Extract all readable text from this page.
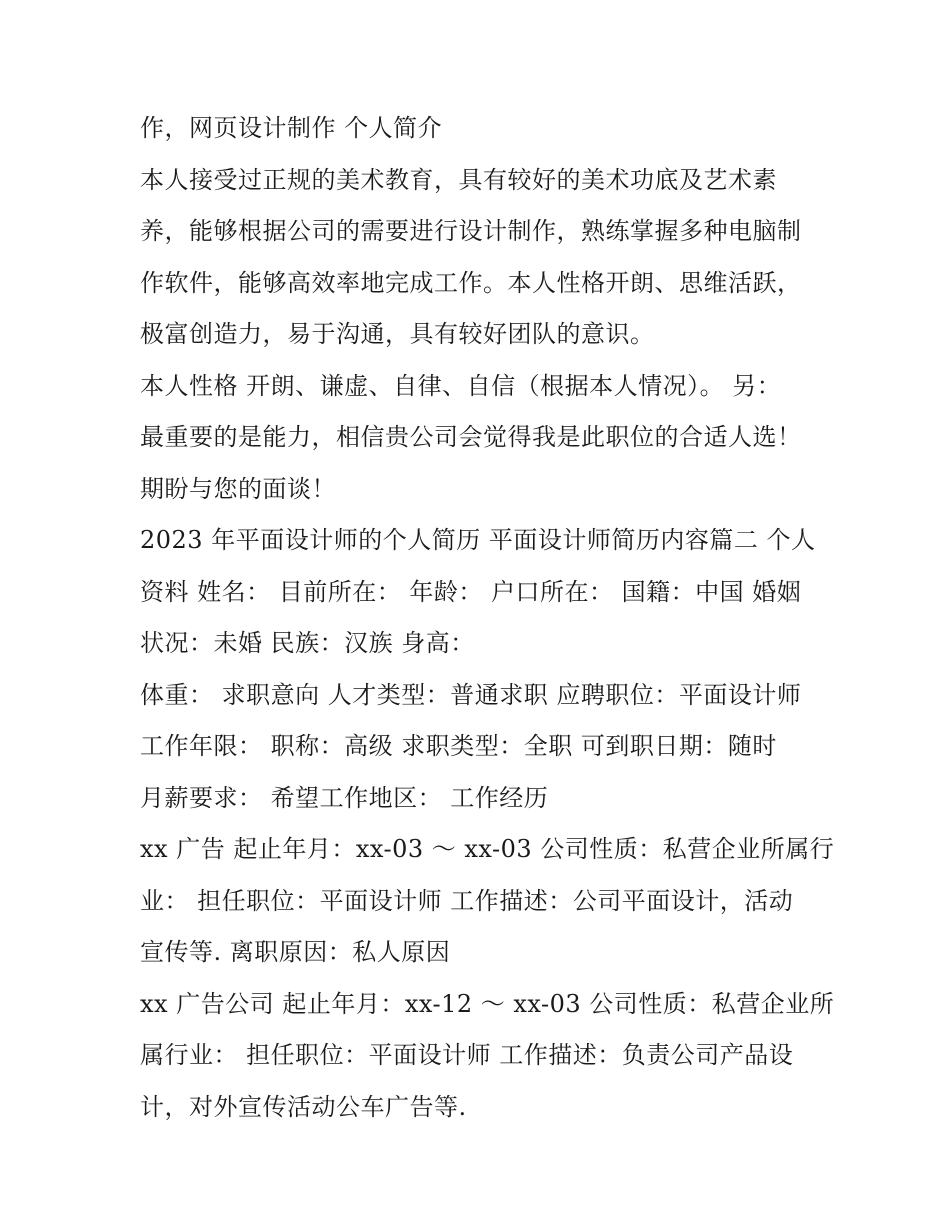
作，网页设计制作 个人简介
本人接受过正规的美术教育，具有较好的美术功底及艺术素
养，能够根据公司的需要进行设计制作，熟练掌握多种电脑制
作软件，能够高效率地完成工作。本人性格开朗、思维活跃，
极富创造力，易于沟通，具有较好团队的意识。
本人性格 开朗、谦虚、自律、自信（根据本人情况）。 另：
最重要的是能力，相信贵公司会觉得我是此职位的合适人选！
期盼与您的面谈！
2023 年平面设计师的个人简历 平面设计师简历内容篇二 个人
资料 姓名： 目前所在： 年龄： 户口所在： 国籍：中国 婚姻
状况：未婚 民族：汉族 身高：
体重： 求职意向 人才类型：普通求职 应聘职位：平面设计师
工作年限： 职称：高级 求职类型：全职 可到职日期：随时
月薪要求： 希望工作地区： 工作经历
xx 广告 起止年月：xx-03 ～ xx-03 公司性质：私营企业所属行
业： 担任职位：平面设计师 工作描述：公司平面设计，活动
宣传等. 离职原因：私人原因
xx 广告公司 起止年月：xx-12 ～ xx-03 公司性质：私营企业所
属行业： 担任职位：平面设计师 工作描述：负责公司产品设
计，对外宣传活动公车广告等.
